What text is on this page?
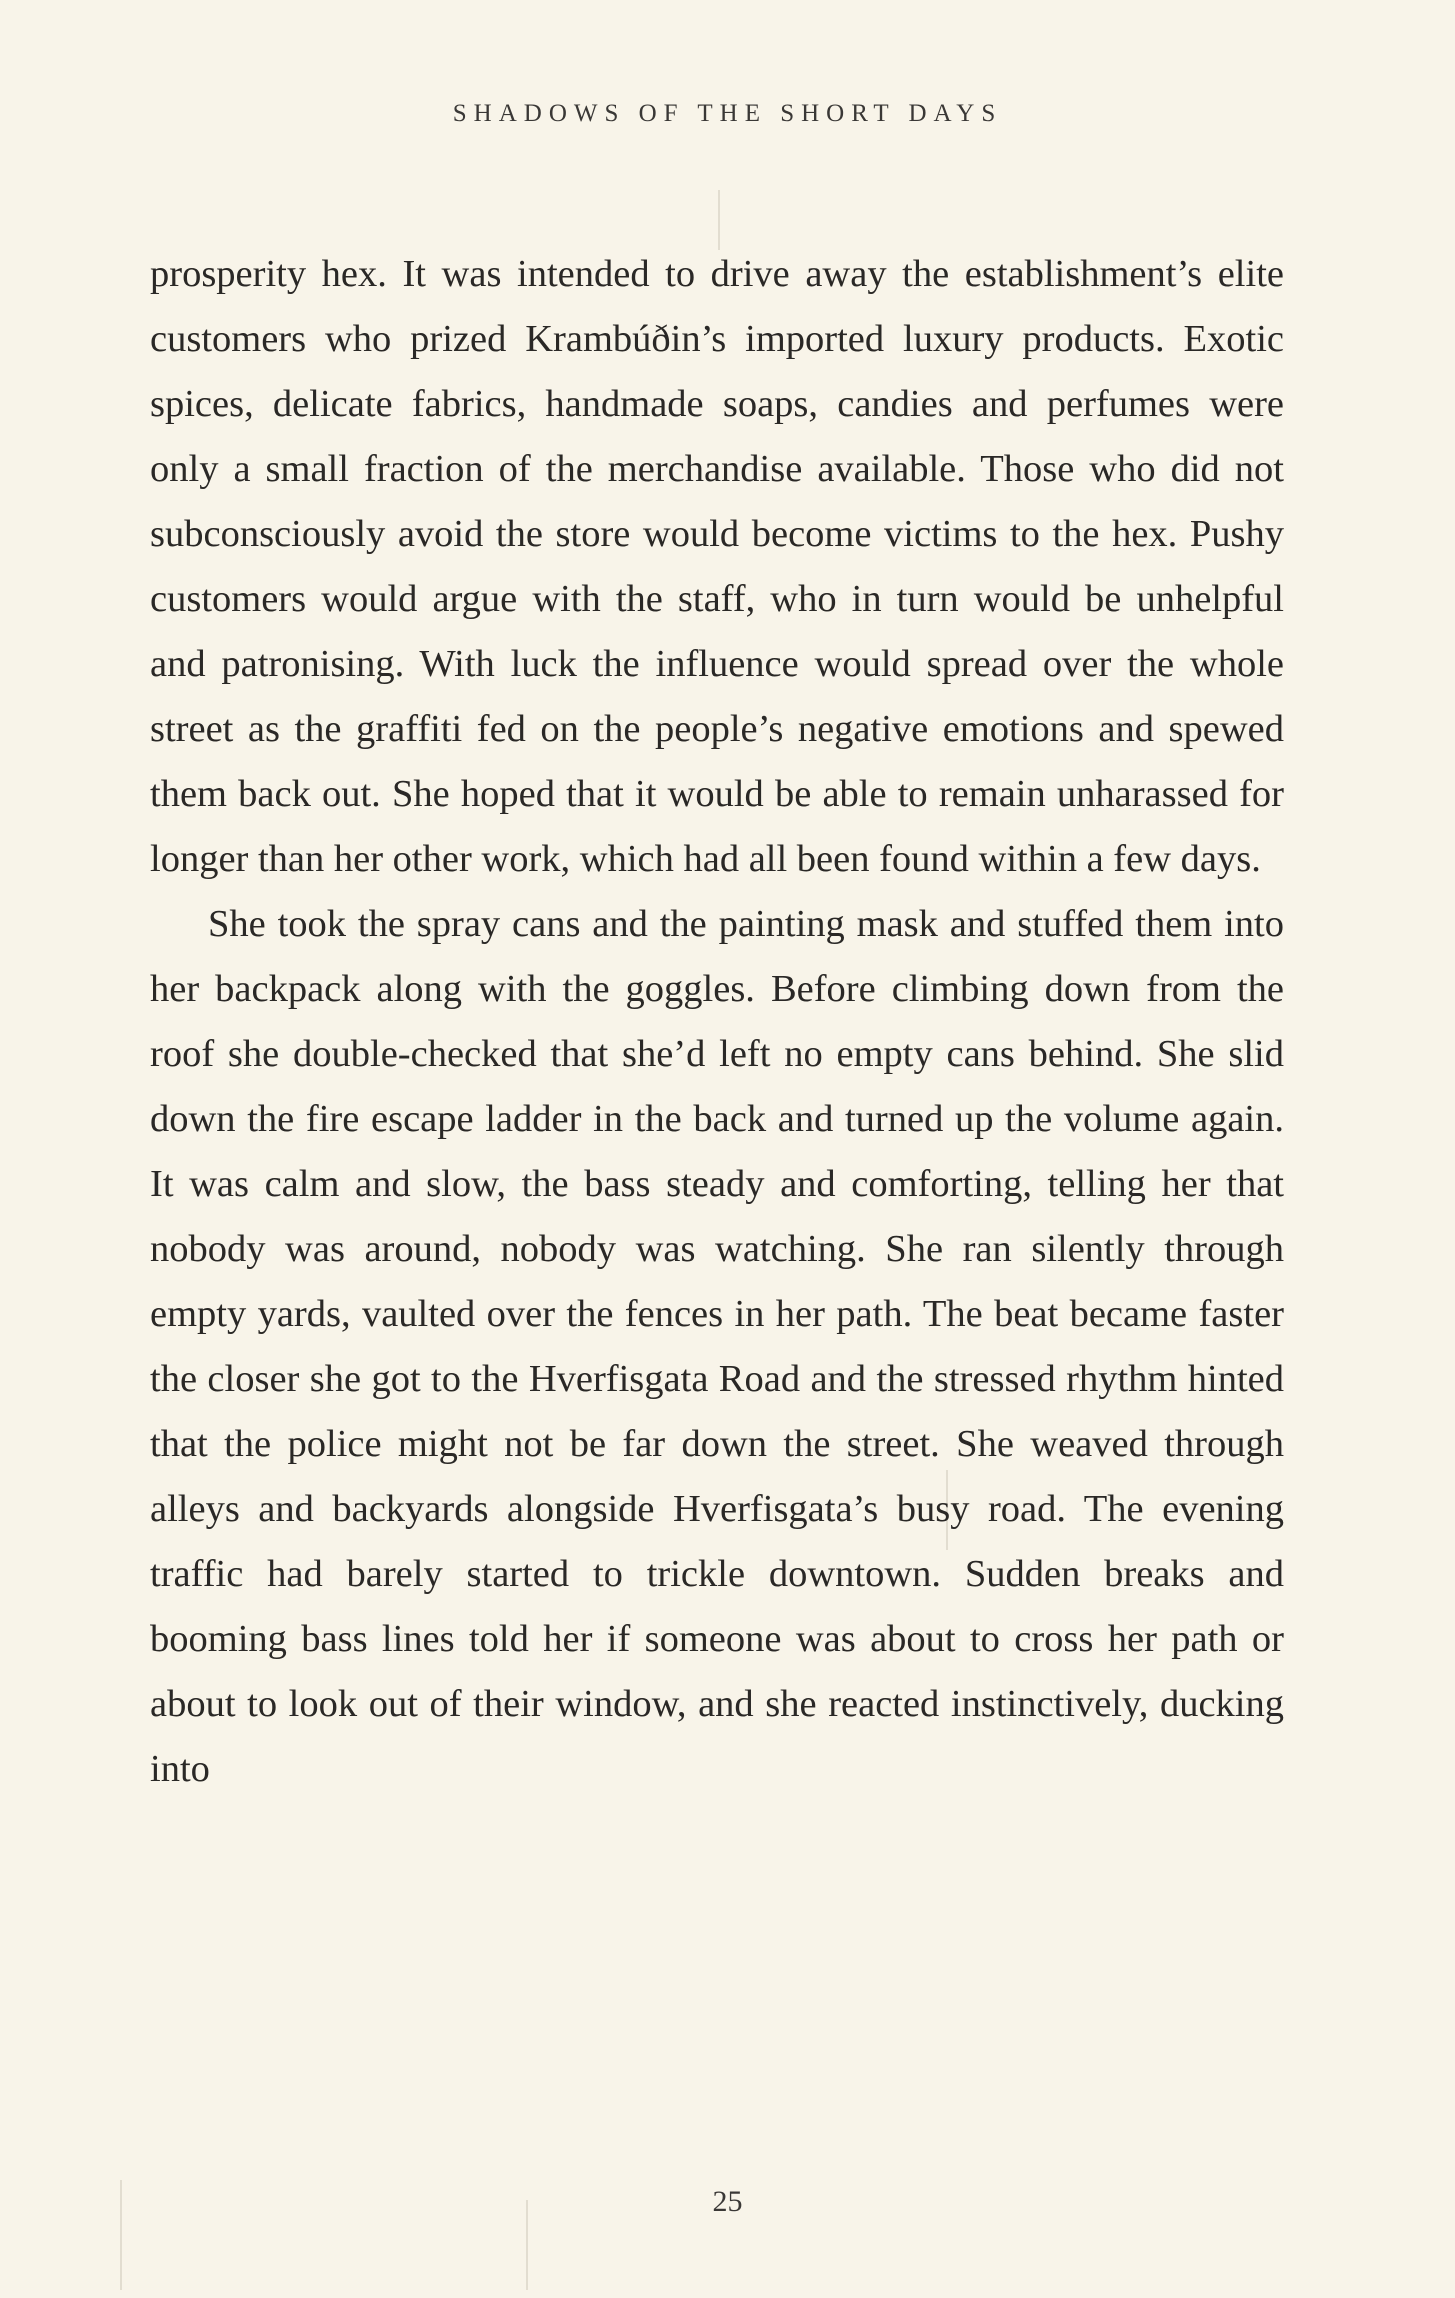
SHADOWS OF THE SHORT DAYS

prosperity hex. It was intended to drive away the establishment’s elite customers who prized Krambúðin’s imported luxury products. Exotic spices, delicate fabrics, handmade soaps, candies and perfumes were only a small fraction of the merchandise available. Those who did not subconsciously avoid the store would become victims to the hex. Pushy customers would argue with the staff, who in turn would be unhelpful and patronising. With luck the influence would spread over the whole street as the graffiti fed on the people’s negative emotions and spewed them back out. She hoped that it would be able to remain unharassed for longer than her other work, which had all been found within a few days.

She took the spray cans and the painting mask and stuffed them into her backpack along with the goggles. Before climbing down from the roof she double-checked that she’d left no empty cans behind. She slid down the fire escape ladder in the back and turned up the volume again. It was calm and slow, the bass steady and comforting, telling her that nobody was around, nobody was watching. She ran silently through empty yards, vaulted over the fences in her path. The beat became faster the closer she got to the Hverfisgata Road and the stressed rhythm hinted that the police might not be far down the street. She weaved through alleys and backyards alongside Hverfisgata’s busy road. The evening traffic had barely started to trickle downtown. Sudden breaks and booming bass lines told her if someone was about to cross her path or about to look out of their window, and she reacted instinctively, ducking into

25
